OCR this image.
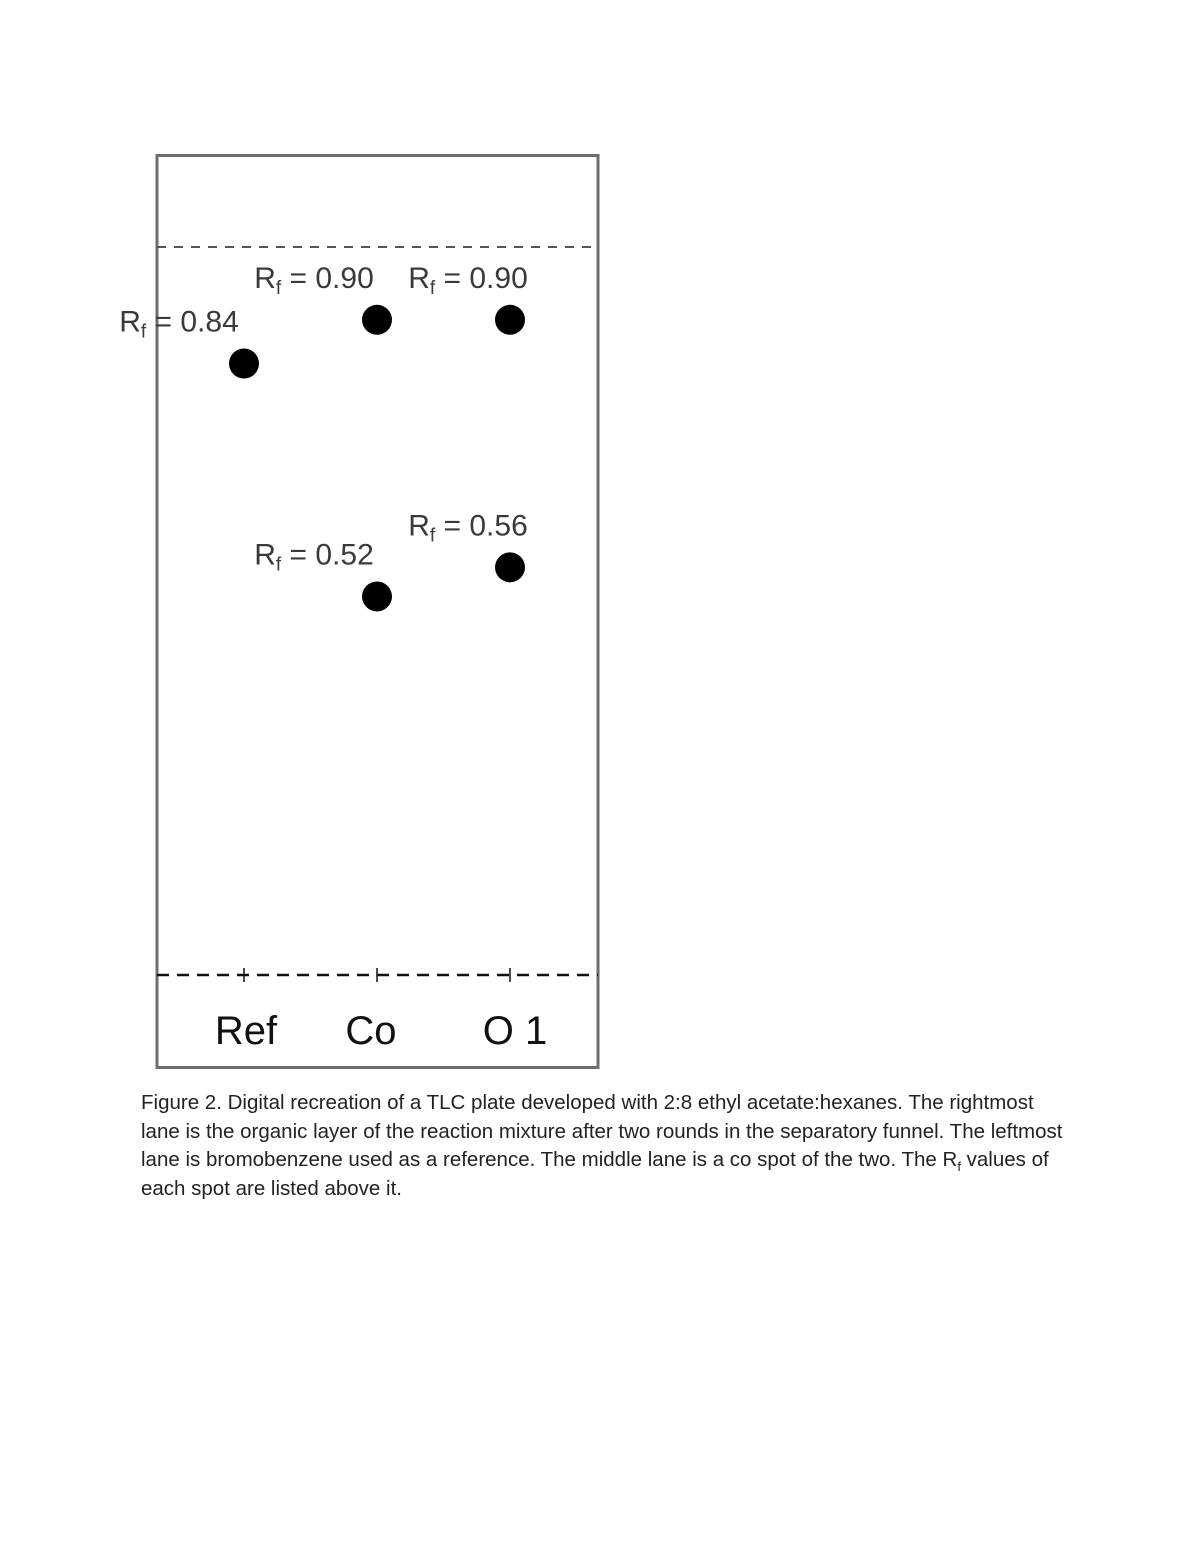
$R_f = 0.84$
$R_f = 0.90$
$R_f = 0.52$
$R_f = 0.90$
$R_f = 0.56$
Ref Co O 1

Figure 2. Digital recreation of a TLC plate developed with 2:8 ethyl acetate:hexanes. The rightmost lane is the organic layer of the reaction mixture after two rounds in the separatory funnel. The leftmost lane is bromobenzene used as a reference. The middle lane is a co spot of the two. The $R_f$ values of each spot are listed above it.
